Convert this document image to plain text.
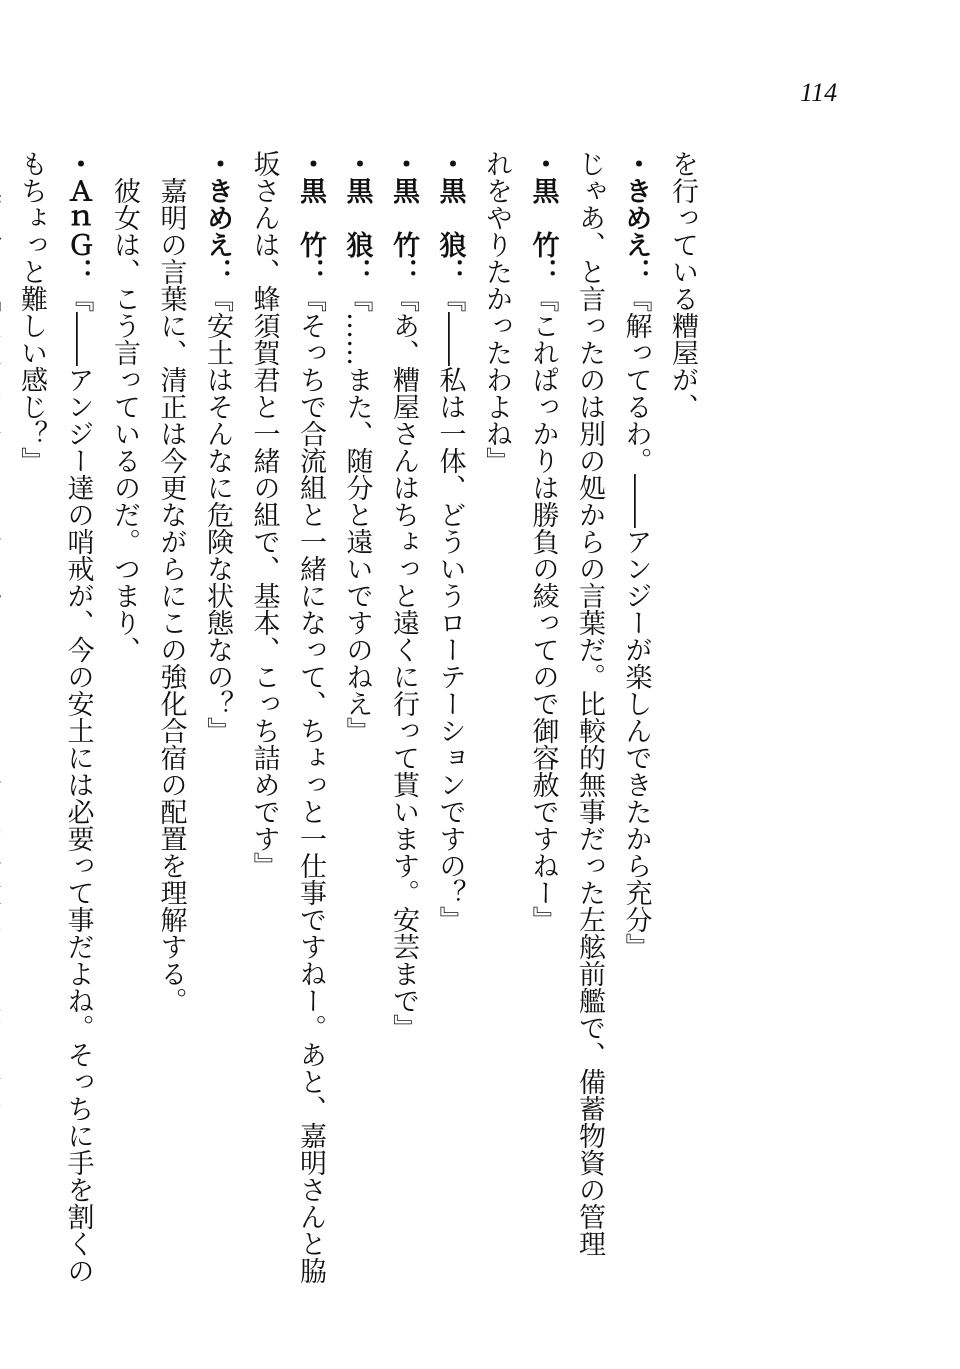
114
を行っている糟屋が、
・きめえ：『解ってるわ。――アンジーが楽しんできたから充分』
じゃあ、と言ったのは別の処からの言葉だ。比較的無事だった左舷前艦で、備蓄物資の管理
・黒　竹：『これぱっかりは勝負の綾ってので御容赦ですねー』
れをやりたかったわよね』
・黒　狼：『――私は一体、どういうローテーションですの？』
・黒　竹：『あ、糟屋さんはちょっと遠くに行って貰います。安芸まで』
・黒　狼：『……また、随分と遠いですのねえ』
・黒　竹：『そっちで合流組と一緒になって、ちょっと一仕事ですねー。あと、嘉明さんと脇
坂さんは、蜂須賀君と一緒の組で、基本、こっち詰めです』
・きめえ：『安土はそんなに危険な状態なの？』
　嘉明の言葉に、清正は今更ながらにこの強化合宿の配置を理解する。
　彼女は、こう言っているのだ。つまり、
・ＡｎＧ：『――アンジー達の哨戒が、今の安土には必要って事だよね。そっちに手を割くの
もちょっと難しい感じ？』
